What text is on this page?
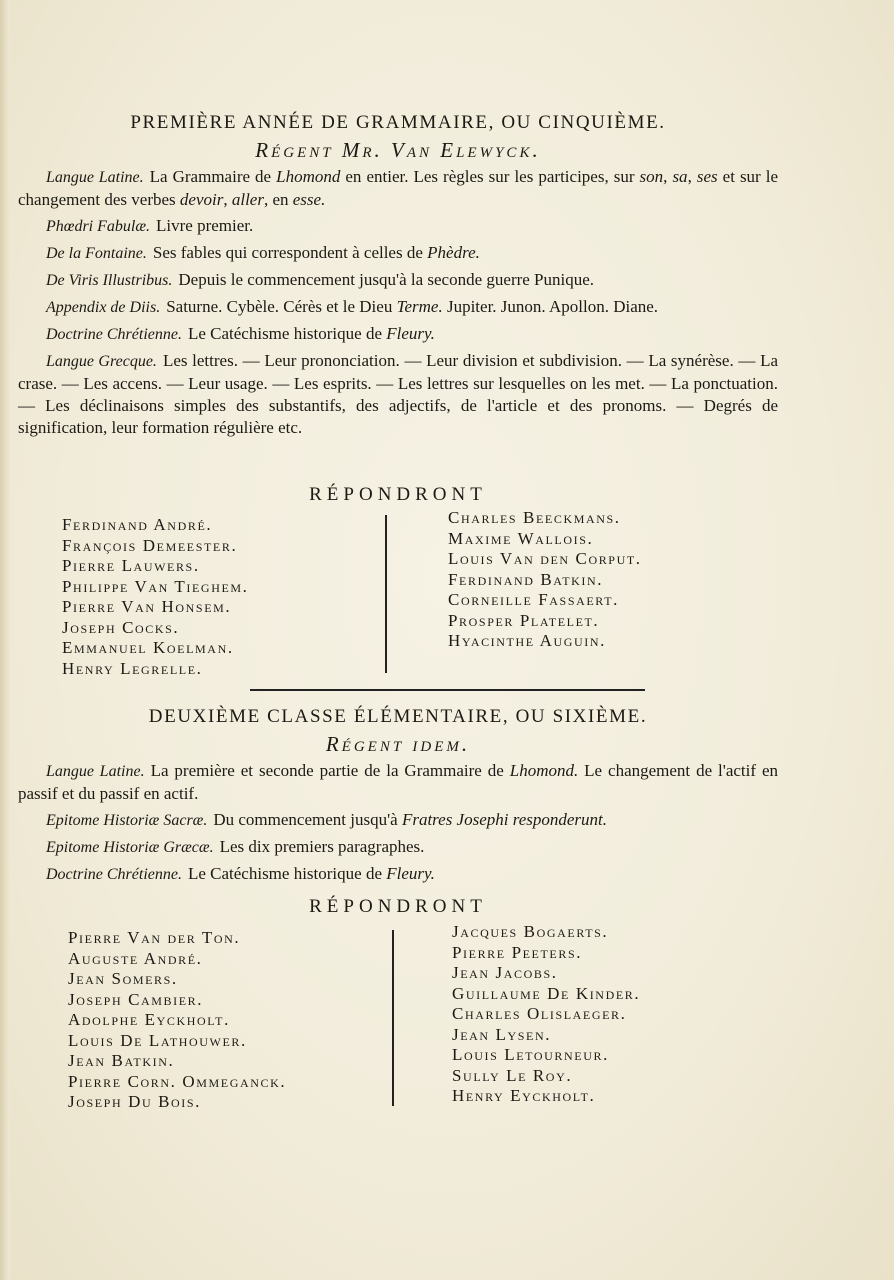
PREMIÈRE ANNÉE DE GRAMMAIRE, OU CINQUIÈME.
Régent Mr. Van Elewyck.

Langue Latine. La Grammaire de Lhomond en entier. Les règles sur les participes, sur son, sa, ses et sur le changement des verbes devoir, aller, en esse.

Phœdri Fabulæ. Livre premier.

De la Fontaine. Ses fables qui correspondent à celles de Phèdre.

De Viris Illustribus. Depuis le commencement jusqu'à la seconde guerre Punique.

Appendix de Diis. Saturne. Cybèle. Cérès et le Dieu Terme. Jupiter. Junon. Apollon. Diane.

Doctrine Chrétienne. Le Catéchisme historique de Fleury.

Langue Grecque. Les lettres. — Leur prononciation. — Leur division et subdivision. — La synérèse. — La crase. — Les accens. — Leur usage. — Les esprits. — Les lettres sur lesquelles on les met. — La ponctuation. — Les déclinaisons simples des substantifs, des adjectifs, de l'article et des pronoms. — Degrés de signification, leur formation régulière etc.

RÉPONDRONT
Ferdinand André.
François Demeester.
Pierre Lauwers.
Philippe Van Tieghem.
Pierre Van Honsem.
Joseph Cocks.
Emmanuel Koelman.
Henry Legrelle.
Charles Beeckmans.
Maxime Wallois.
Louis Van den Corput.
Ferdinand Batkin.
Corneille Fassaert.
Prosper Platelet.
Hyacinthe Auguin.
DEUXIÈME CLASSE ÉLÉMENTAIRE, OU SIXIÈME.
Régent idem.

Langue Latine. La première et seconde partie de la Grammaire de Lhomond. Le changement de l'actif en passif et du passif en actif.

Epitome Historiæ Sacræ. Du commencement jusqu'à Fratres Josephi responderunt.

Epitome Historiæ Græcæ. Les dix premiers paragraphes.

Doctrine Chrétienne. Le Catéchisme historique de Fleury.

RÉPONDRONT
Pierre Van der Ton.
Auguste André.
Jean Somers.
Joseph Cambier.
Adolphe Eyckholt.
Louis De Lathouwer.
Jean Batkin.
Pierre Corn. Ommeganck.
Joseph Du Bois.
Jacques Bogaerts.
Pierre Peeters.
Jean Jacobs.
Guillaume De Kinder.
Charles Olislaeger.
Jean Lysen.
Louis Letourneur.
Sully Le Roy.
Henry Eyckholt.
